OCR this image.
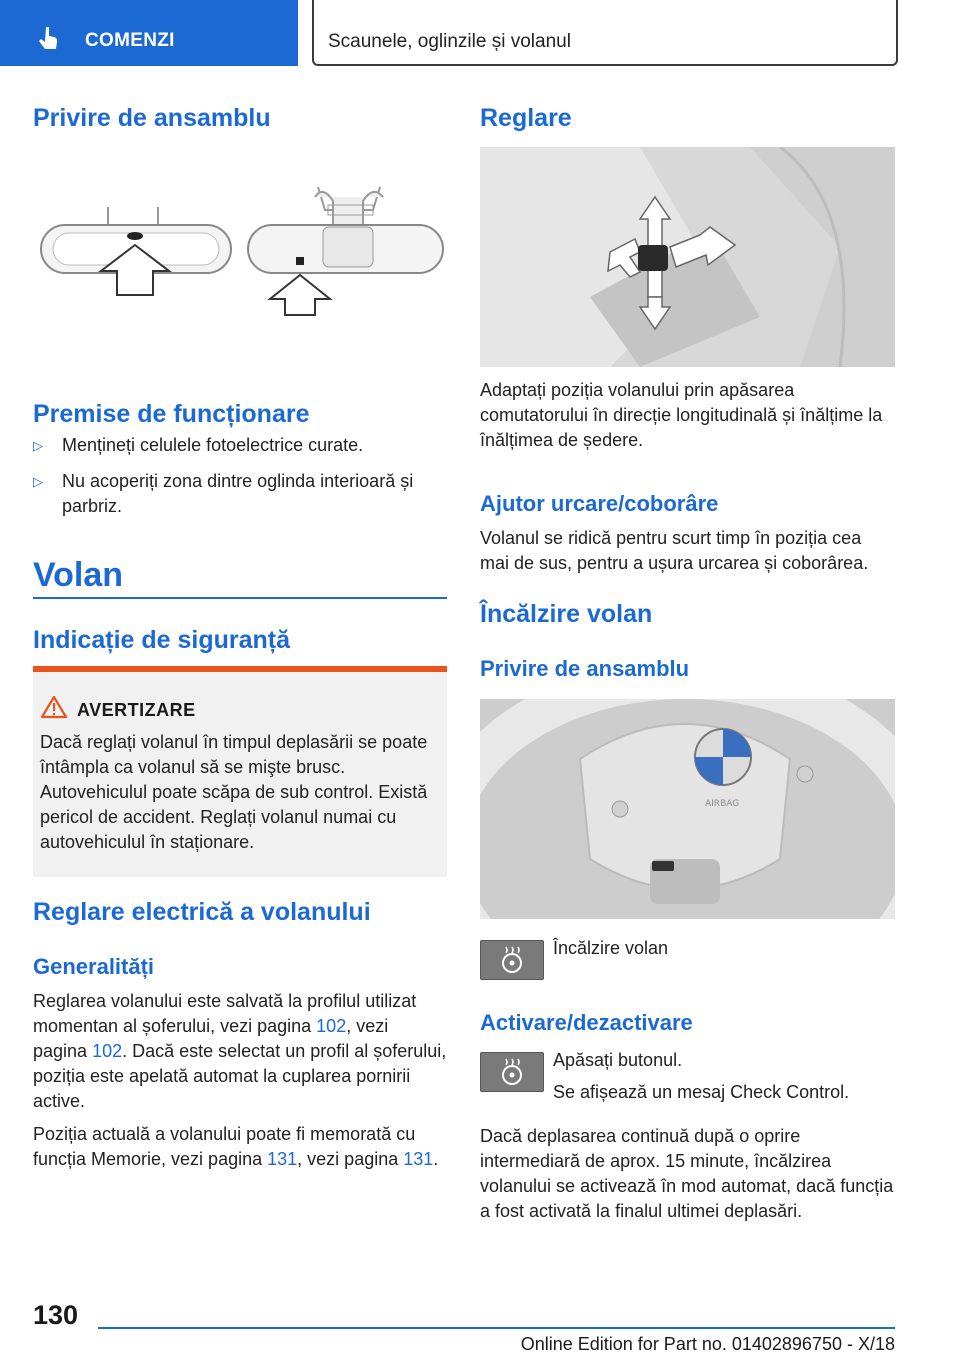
COMENZI	Scaunele, oglinzile și volanul
Privire de ansamblu
Premise de funcționare
▷ Mențineți celulele fotoelectrice curate.
▷ Nu acoperiți zona dintre oglinda interioară și parbriz.
Volan
Indicație de siguranță
AVERTIZARE
Dacă reglați volanul în timpul deplasării se poate întâmpla ca volanul să se mişte brusc. Autovehiculul poate scăpa de sub control. Există pericol de accident. Reglați volanul numai cu autovehiculul în staționare.
Reglare electrică a volanului
Generalități

Reglarea volanului este salvată la profilul utilizat momentan al șoferului, vezi pagina 102, vezi pagina 102. Dacă este selectat un profil al șoferului, poziția este apelată automat la cuplarea pornirii active.

Poziția actuală a volanului poate fi memorată cu funcția Memorie, vezi pagina 131, vezi pagina 131.

Reglare

Adaptați poziția volanului prin apăsarea comutatorului în direcție longitudinală și înălțime la înălțimea de ședere.

Ajutor urcare/coborâre

Volanul se ridică pentru scurt timp în poziția cea mai de sus, pentru a ușura urcarea și coborârea.

Încălzire volan
Privire de ansamblu
AIRBAG
Încălzire volan
Activare/dezactivare
Apăsați butonul.
Se afișează un mesaj Check Control.

Dacă deplasarea continuă după o oprire intermediară de aprox. 15 minute, încălzirea volanului se activează în mod automat, dacă funcția a fost activată la finalul ultimei deplasări.

130
Online Edition for Part no. 01402896750 - X/18
